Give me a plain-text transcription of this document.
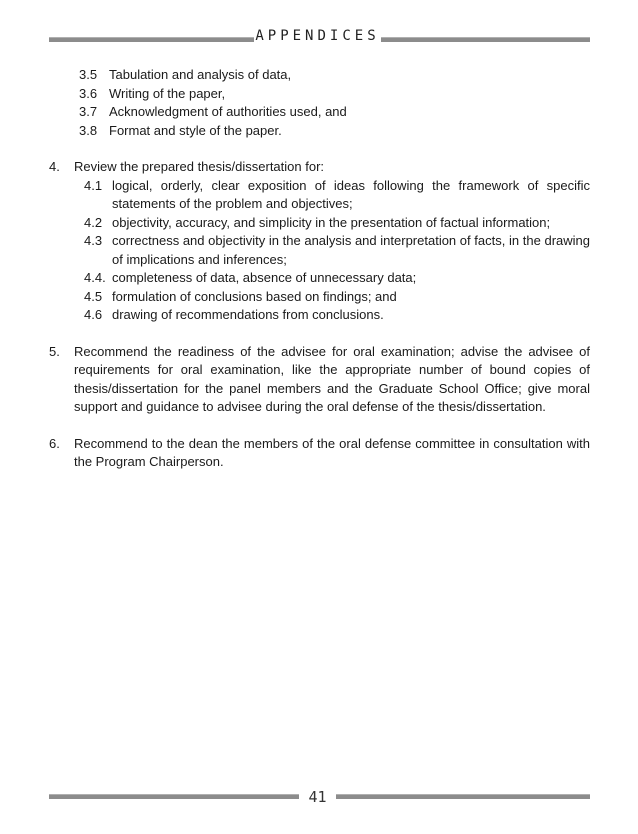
APPENDICES
3.5 Tabulation and analysis of data,
3.6 Writing of the paper,
3.7 Acknowledgment of authorities used, and
3.8 Format and style of the paper.
4.	Review the prepared thesis/dissertation for:
4.1 logical, orderly, clear exposition of ideas following the framework of specific statements of the problem and objectives;
4.2 objectivity, accuracy, and simplicity in the presentation of factual information;
4.3 correctness and objectivity in the analysis and interpretation of facts, in the drawing of implications and inferences;
4.4. completeness of data, absence of unnecessary data;
4.5 formulation of conclusions based on findings; and
4.6 drawing of recommendations from conclusions.
5.	Recommend the readiness of the advisee for oral examination; advise the advisee of requirements for oral examination, like the appropriate number of bound copies of thesis/dissertation for the panel members and the Graduate School Office; give moral support and guidance to advisee during the oral defense of the thesis/dissertation.
6.	Recommend to the dean the members of the oral defense committee in consultation with the Program Chairperson.
41
